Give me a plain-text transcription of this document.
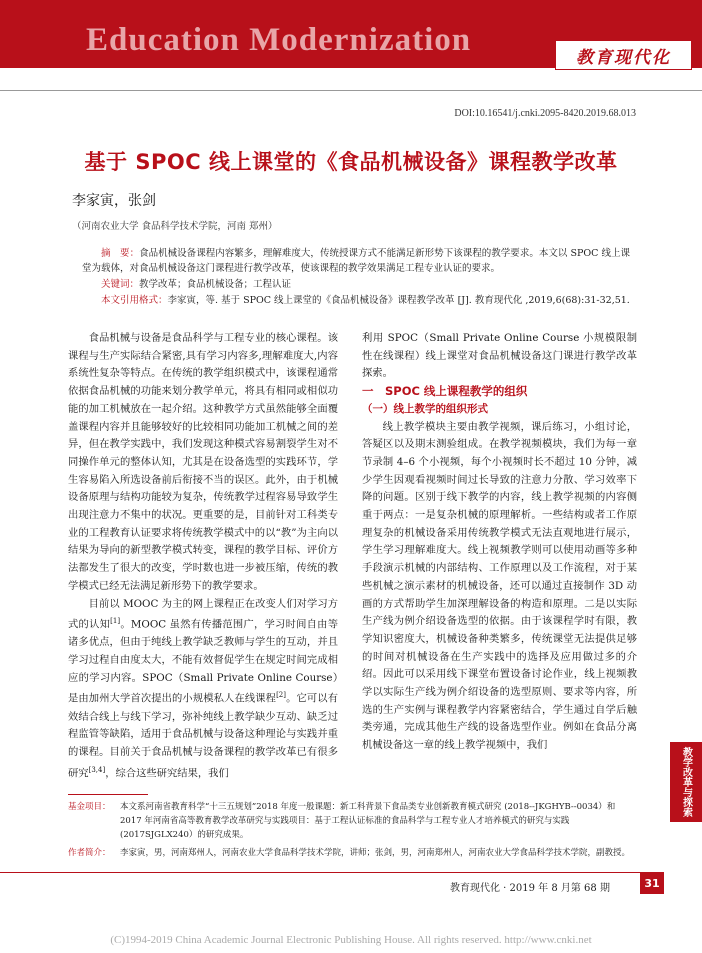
Education Modernization	教育现代化
DOI:10.16541/j.cnki.2095-8420.2019.68.013
基于 SPOC 线上课堂的《食品机械设备》课程教学改革
李家寅，张剑
（河南农业大学 食品科学技术学院，河南 郑州）
摘　要：食品机械设备课程内容繁多，理解难度大，传统授课方式不能满足新形势下该课程的教学要求。本文以 SPOC 线上课堂为载体，对食品机械设备这门课程进行教学改革，使该课程的教学效果满足工程专业认证的要求。
关键词：教学改革；食品机械设备；工程认证
本文引用格式：李家寅，等. 基于 SPOC 线上课堂的《食品机械设备》课程教学改革 [J]. 教育现代化 ,2019,6(68):31-32,51.

食品机械与设备是食品科学与工程专业的核心课程。该课程与生产实际结合紧密,具有学习内容多,理解难度大,内容系统性复杂等特点。在传统的教学组织模式中，该课程通常依据食品机械的功能来划分教学单元，将具有相同或相似功能的加工机械放在一起介绍。这种教学方式虽然能够全面覆盖课程内容并且能够较好的比较相同功能加工机械之间的差异，但在教学实践中，我们发现这种模式容易割裂学生对不同操作单元的整体认知，尤其是在设备选型的实践环节，学生容易陷入所选设备前后衔接不当的误区。此外，由于机械设备原理与结构功能较为复杂，传统教学过程容易导致学生出现注意力不集中的状况。更重要的是，目前针对工科类专业的工程教育认证要求将传统教学模式中的以“教”为主向以结果为导向的新型教学模式转变，课程的教学目标、评价方法都发生了很大的改变，学时数也进一步被压缩，传统的教学模式已经无法满足新形势下的教学要求。

目前以 MOOC 为主的网上课程正在改变人们对学习方式的认知[1]。MOOC 虽然有传播范围广，学习时间自由等诸多优点，但由于纯线上教学缺乏教师与学生的互动，并且学习过程自由度太大，不能有效督促学生在规定时间完成相应的学习内容。SPOC（Small Private Online Course）是由加州大学首次提出的小规模私人在线课程[2]。它可以有效结合线上与线下学习，弥补纯线上教学缺少互动、缺乏过程监管等缺陷，适用于食品机械与设备这种理论与实践并重的课程。目前关于食品机械与设备课程的教学改革已有很多研究[3,4]，综合这些研究结果，我们

利用 SPOC（Small Private Online Course 小规模限制性在线课程）线上课堂对食品机械设备这门课进行教学改革探索。

一　SPOC 线上课程教学的组织

（一）线上教学的组织形式

线上教学模块主要由教学视频，课后练习，小组讨论，答疑区以及期末测验组成。在教学视频模块，我们为每一章节录制 4–6 个小视频，每个小视频时长不超过 10 分钟，减少学生因观看视频时间过长导致的注意力分散、学习效率下降的问题。区别于线下教学的内容，线上教学视频的内容侧重于两点：一是复杂机械的原理解析。一些结构或者工作原理复杂的机械设备采用传统教学模式无法直观地进行展示，学生学习理解难度大。线上视频教学则可以使用动画等多种手段演示机械的内部结构、工作原理以及工作流程，对于某些机械之演示素材的机械设备，还可以通过直接制作 3D 动画的方式帮助学生加深理解设备的构造和原理。二是以实际生产线为例介绍设备选型的依据。由于该课程学时有限，教学知识密度大，机械设备种类繁多，传统课堂无法提供足够的时间对机械设备在生产实践中的选择及应用做过多的介绍。因此可以采用线下课堂布置设备讨论作业，线上视频教学以实际生产线为例介绍设备的选型原则、要求等内容，所选的生产实例与课程教学内容紧密结合，学生通过自学后触类旁通，完成其他生产线的设备选型作业。例如在食品分离机械设备这一章的线上教学视频中，我们

基金项目：	本文系河南省教育科学“十三五规划”2018 年度一般课题：新工科背景下食品类专业创新教育模式研究 (2018--JKGHYB--0034）和 2017 年河南省高等教育教学改革研究与实践项目：基于工程认证标准的食品科学与工程专业人才培养模式的研究与实践 (2017SJGLX240）的研究成果。
作者简介：	李家寅，男，河南郑州人，河南农业大学食品科学技术学院，讲师；张剑，男，河南郑州人，河南农业大学食品科学技术学院，副教授。
教学改革与探索
教育现代化 · 2019 年 8 月第 68 期	31
(C)1994-2019 China Academic Journal Electronic Publishing House. All rights reserved. http://www.cnki.net
